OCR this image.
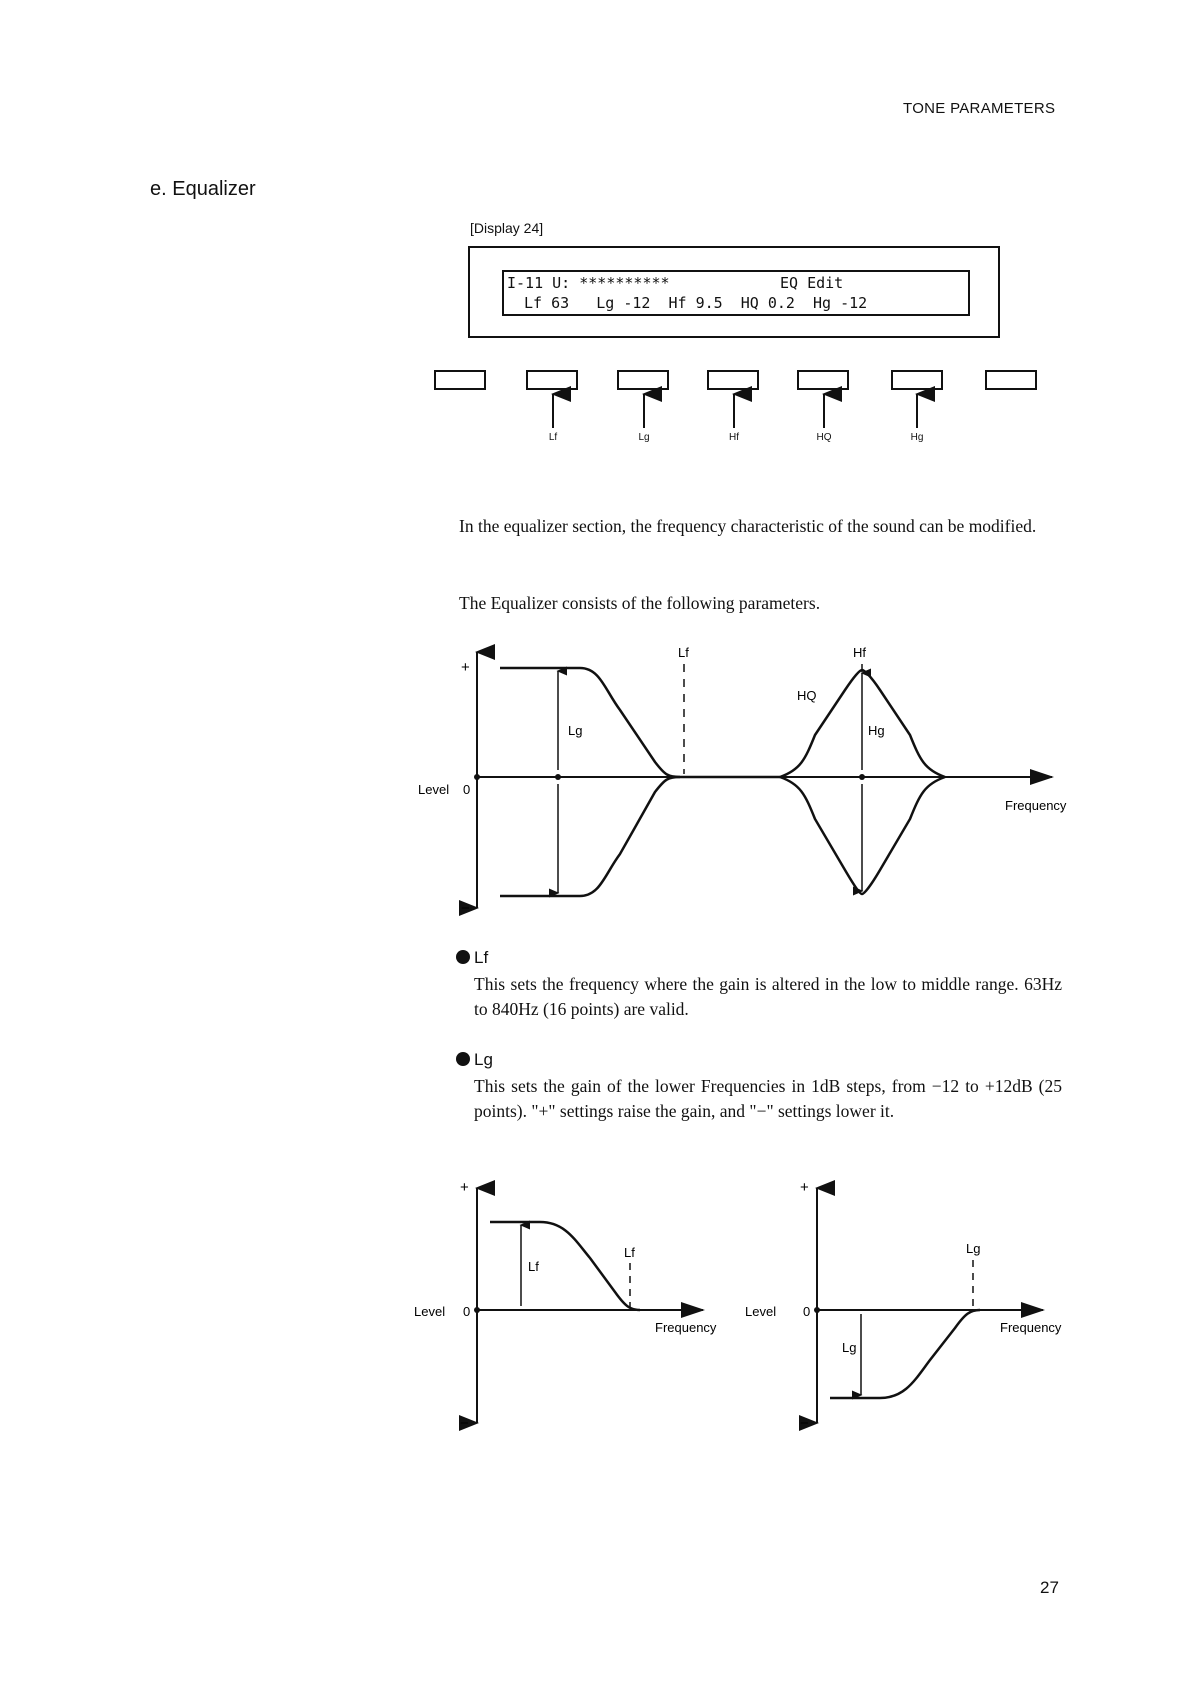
TONE PARAMETERS
e. Equalizer
[Display 24]
I-11 U: **********	EQ Edit
Lf 63   Lg -12  Hf 9.5  HQ 0.2  Hg -12
Lf	Lg	Hf	HQ	Hg
In the equalizer section, the frequency characteristic of the sound can be modified.
The Equalizer consists of the following parameters.
+
−
Level 0
Frequency
Lf
Lg
Hf
HQ
Hg
Lf
This sets the frequency where the gain is altered in the low to middle range. 63Hz to 840Hz (16 points) are valid.
Lg
This sets the gain of the lower Frequencies in 1dB steps, from −12 to +12dB (25 points). "+" settings raise the gain, and "−" settings lower it.
+
−
Level 0
Frequency
Lf
Lf
+
−
Level 0
Frequency
Lg
Lg
27
